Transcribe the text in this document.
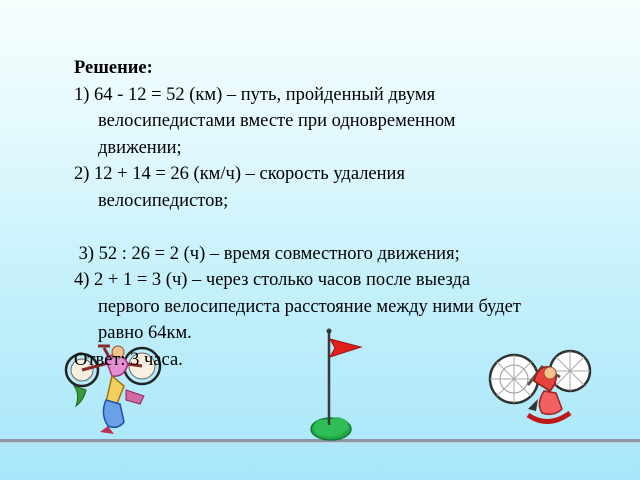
Решение:
1) 64 - 12 = 52 (км) – путь, пройденный двумя
велосипедистами вместе при одновременном
движении;
2) 12 + 14 = 26 (км/ч) – скорость удаления
велосипедистов;
3) 52 : 26 = 2 (ч) – время совместного движения;
4) 2 + 1 = 3 (ч) – через столько часов после выезда
первого велосипедиста расстояние между ними будет
равно 64км.
Ответ: 3 часа.
